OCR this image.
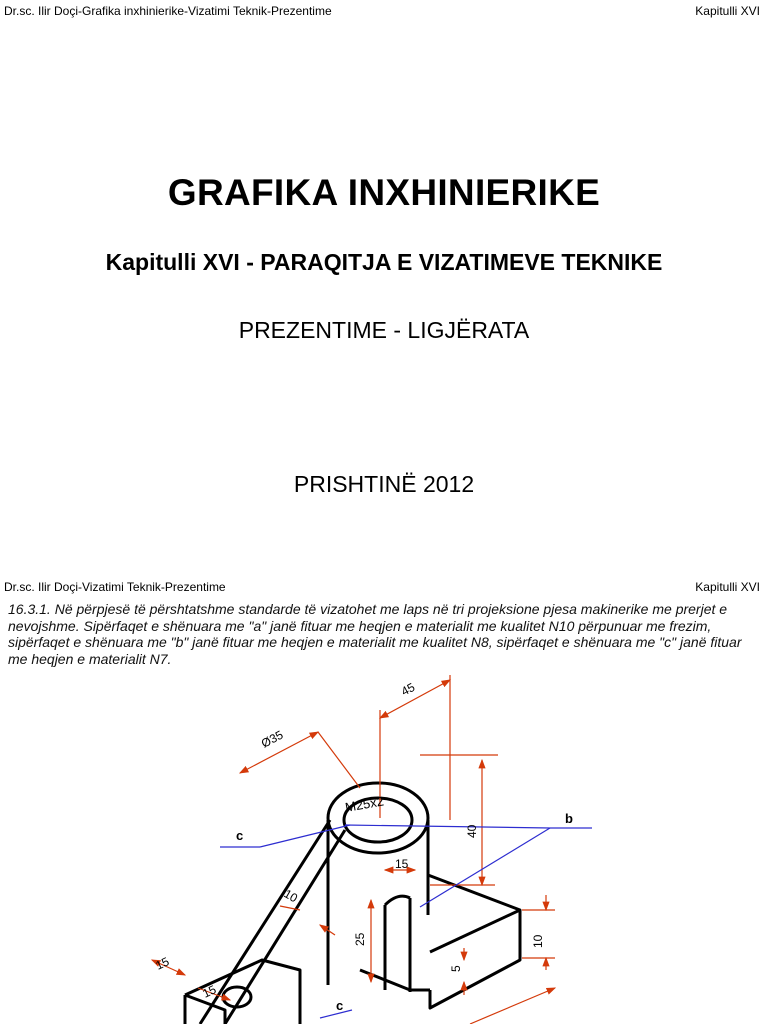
Dr.sc. Ilir Doçi-Grafika inxhinierike-Vizatimi Teknik-Prezentime	Kapitulli XVI
GRAFIKA INXHINIERIKE
Kapitulli XVI - PARAQITJA E VIZATIMEVE TEKNIKE
PREZENTIME - LIGJËRATA
PRISHTINË 2012
Dr.sc. Ilir Doçi-Vizatimi Teknik-Prezentime	Kapitulli XVI
16.3.1. Në përpjesë të përshtatshme standarde të vizatohet me laps në tri projeksione pjesa makinerike me prerjet e nevojshme. Sipërfaqet e shënuara me "a" janë fituar me heqjen e materialit me kualitet N10 përpunuar me frezim, sipërfaqet e shënuara me "b" janë fituar me heqjen e materialit me kualitet N8, sipërfaqet e shënuara me "c" janë fituar me heqjen e materialit N7.
45
Ø35
M25x2
40
15
10
25
5
10
15
15
c
b
c
